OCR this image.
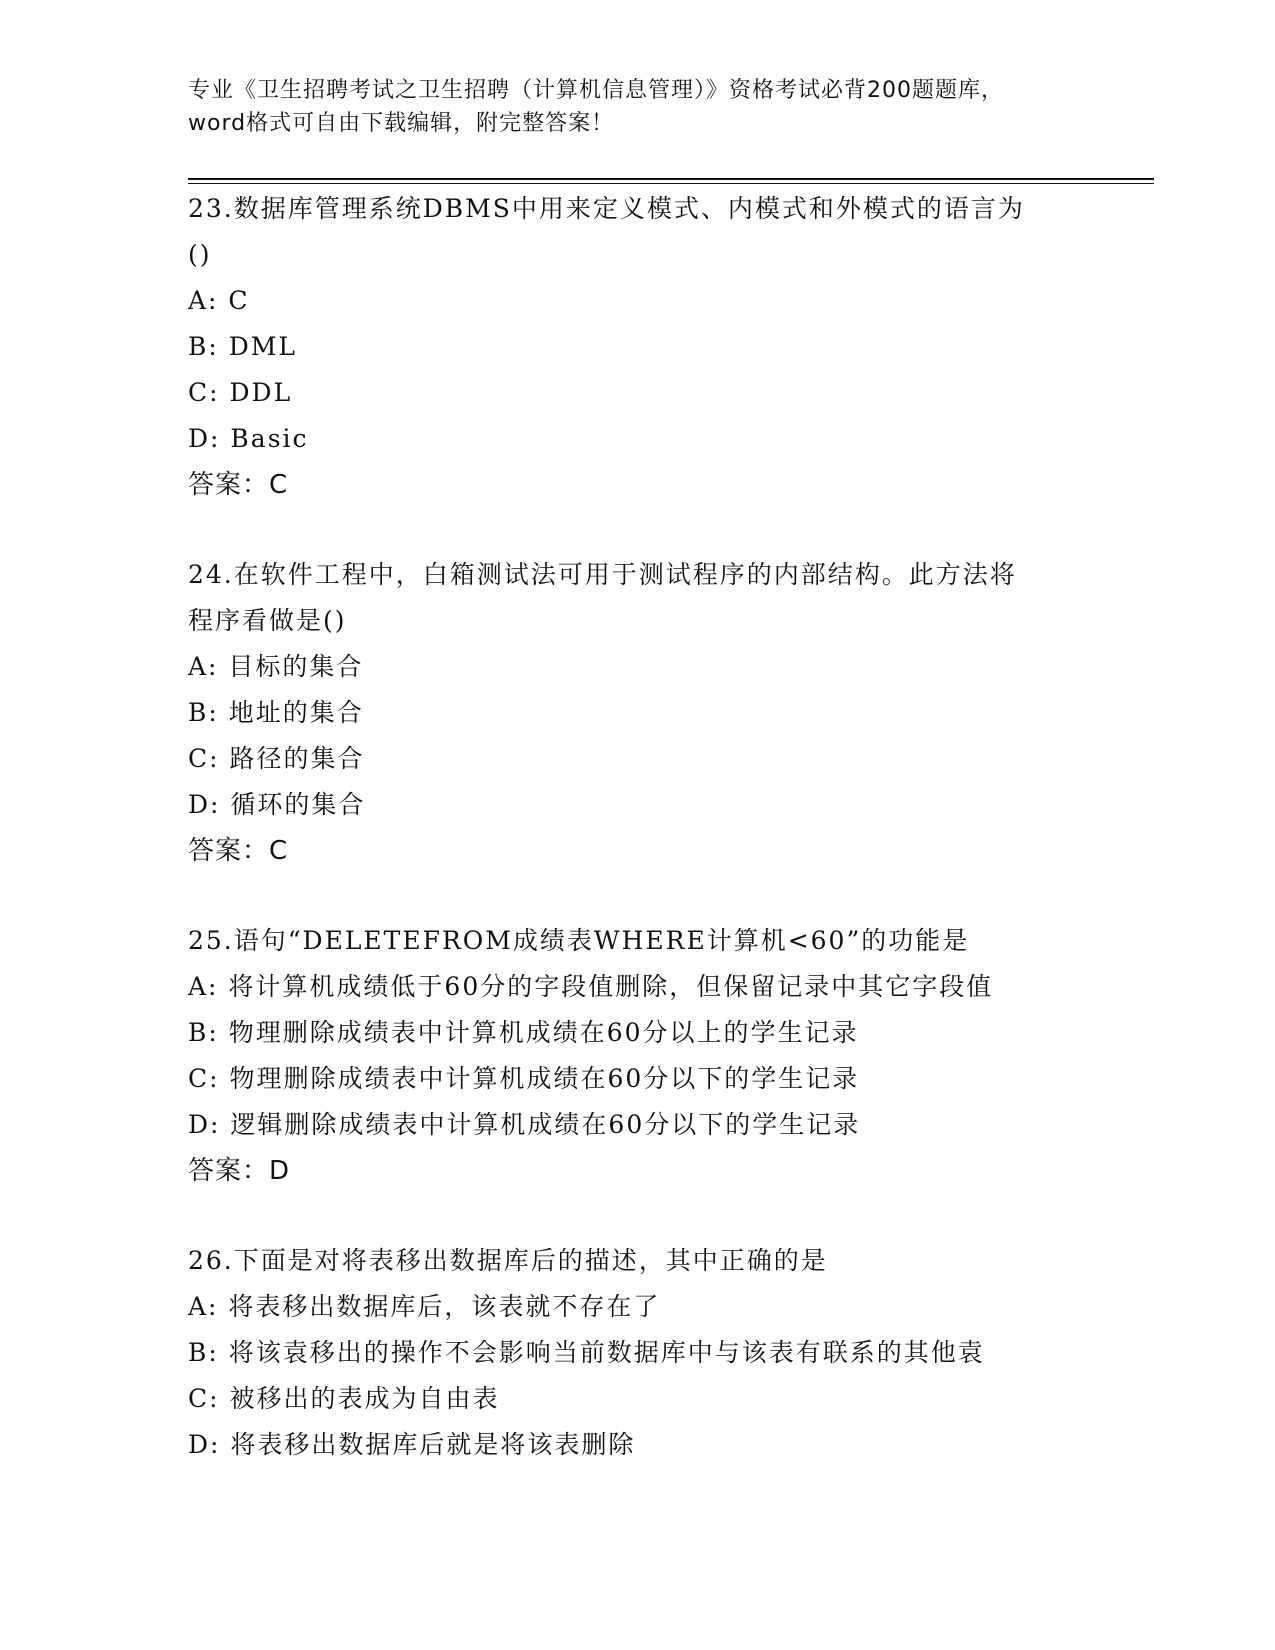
专业《卫生招聘考试之卫生招聘（计算机信息管理）》资格考试必背200题题库，
word格式可自由下载编辑，附完整答案！
23.数据库管理系统DBMS中用来定义模式、内模式和外模式的语言为
()
A: C
B: DML
C: DDL
D: Basic
答案：C
24.在软件工程中，白箱测试法可用于测试程序的内部结构。此方法将
程序看做是()
A: 目标的集合
B: 地址的集合
C: 路径的集合
D: 循环的集合
答案：C
25.语句“DELETEFROM成绩表WHERE计算机<60”的功能是
A: 将计算机成绩低于60分的字段值删除，但保留记录中其它字段值
B: 物理删除成绩表中计算机成绩在60分以上的学生记录
C: 物理删除成绩表中计算机成绩在60分以下的学生记录
D: 逻辑删除成绩表中计算机成绩在60分以下的学生记录
答案：D
26.下面是对将表移出数据库后的描述，其中正确的是
A: 将表移出数据库后，该表就不存在了
B: 将该袁移出的操作不会影响当前数据库中与该表有联系的其他袁
C: 被移出的表成为自由表
D: 将表移出数据库后就是将该表删除
